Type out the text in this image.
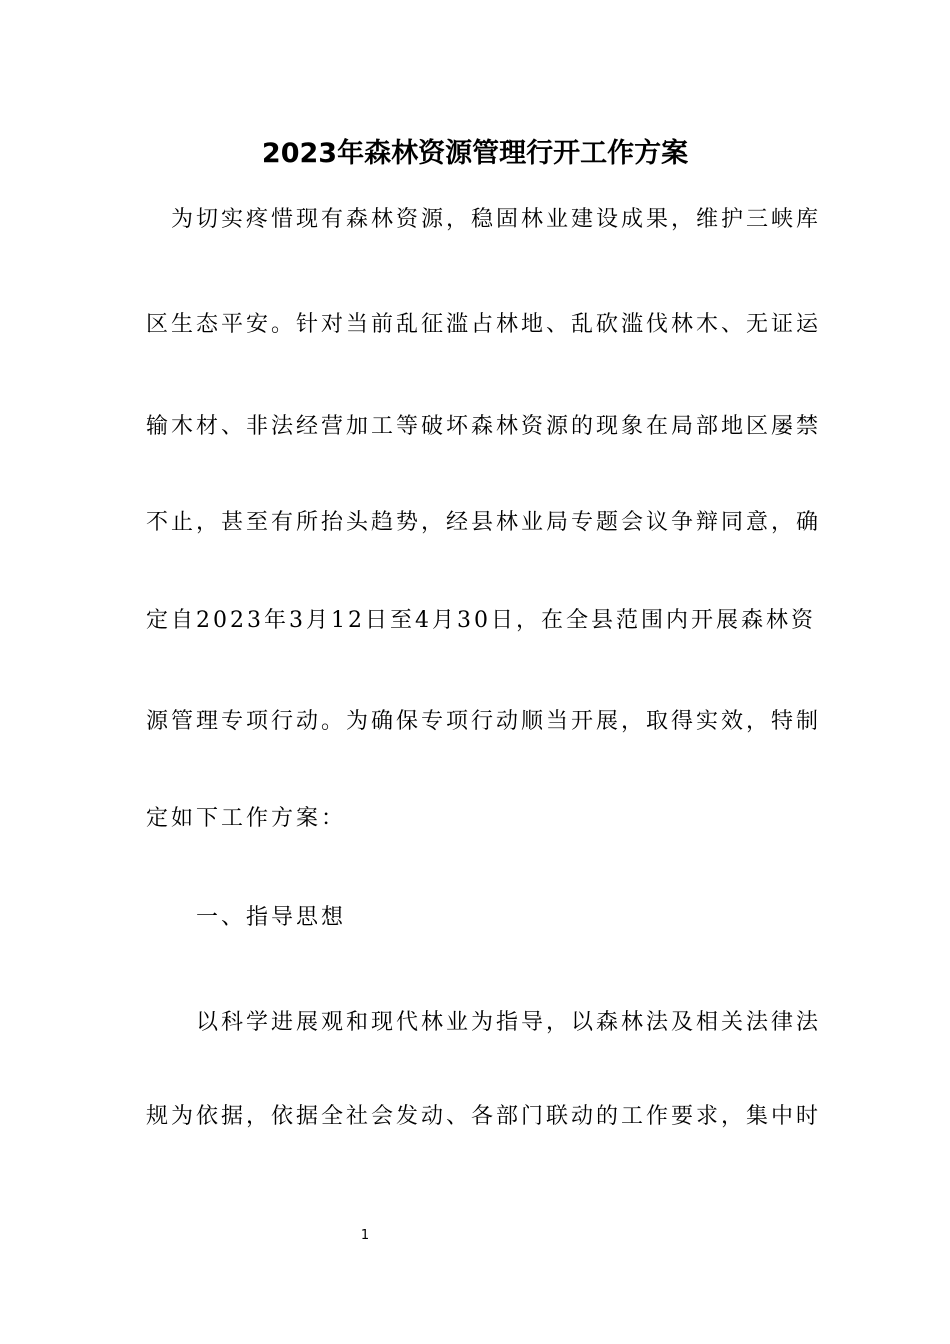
2023年森林资源管理行开工作方案
　为切实疼惜现有森林资源，稳固林业建设成果，维护三峡库
区生态平安。针对当前乱征滥占林地、乱砍滥伐林木、无证运
输木材、非法经营加工等破坏森林资源的现象在局部地区屡禁
不止，甚至有所抬头趋势，经县林业局专题会议争辩同意，确
定自2023年3月12日至4月30日，在全县范围内开展森林资
源管理专项行动。为确保专项行动顺当开展，取得实效，特制
定如下工作方案：
　　一、指导思想
　　以科学进展观和现代林业为指导，以森林法及相关法律法
规为依据，依据全社会发动、各部门联动的工作要求，集中时
1
